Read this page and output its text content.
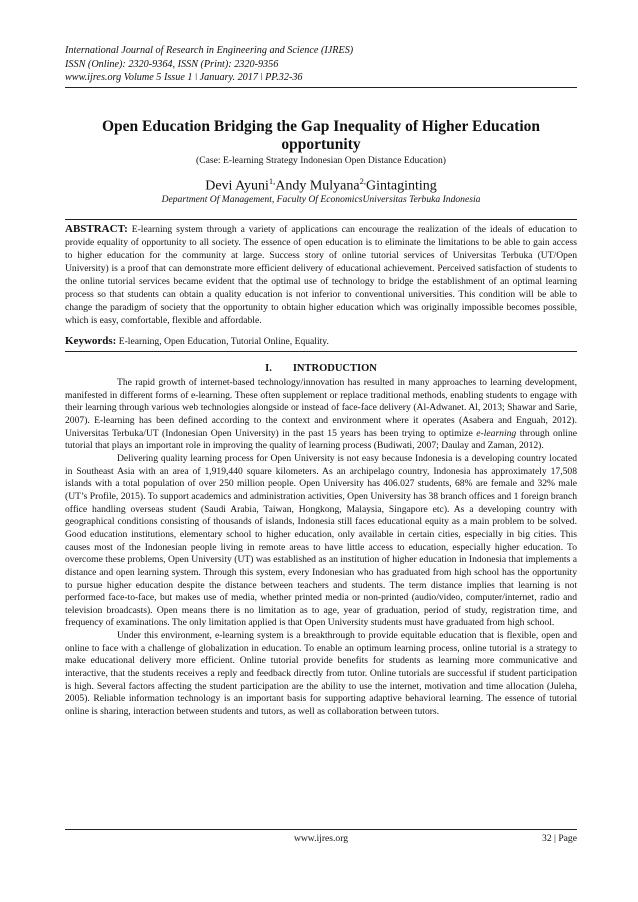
International Journal of Research in Engineering and Science (IJRES)
ISSN (Online): 2320-9364, ISSN (Print): 2320-9356
www.ijres.org Volume 5 Issue 1 ǀ January. 2017 ǀ PP.32-36
Open Education Bridging the Gap Inequality of Higher Education opportunity
(Case: E-learning Strategy Indonesian Open Distance Education)
Devi Ayuni$^{1,}$Andy Mulyana$^{2,}$Gintaginting
Department Of Management, Faculty Of EconomicsUniversitas Terbuka Indonesia
ABSTRACT: E-learning system through a variety of applications can encourage the realization of the ideals of education to provide equality of opportunity to all society. The essence of open education is to eliminate the limitations to be able to gain access to higher education for the community at large. Success story of online tutorial services of Universitas Terbuka (UT/Open University) is a proof that can demonstrate more efficient delivery of educational achievement. Perceived satisfaction of students to the online tutorial services became evident that the optimal use of technology to bridge the establishment of an optimal learning process so that students can obtain a quality education is not inferior to conventional universities. This condition will be able to change the paradigm of society that the opportunity to obtain higher education which was originally impossible becomes possible, which is easy, comfortable, flexible and affordable.
Keywords: E-learning, Open Education, Tutorial Online, Equality.
I.        INTRODUCTION

The rapid growth of internet-based technology/innovation has resulted in many approaches to learning development, manifested in different forms of e-learning. These often supplement or replace traditional methods, enabling students to engage with their learning through various web technologies alongside or instead of face-face delivery (Al-Adwanet. Al, 2013; Shawar and Sarie, 2007). E-learning has been defined according to the context and environment where it operates (Asabera and Enguah, 2012). Universitas Terbuka/UT (Indonesian Open University) in the past 15 years has been trying to optimize e-learning through online tutorial that plays an important role in improving the quality of learning process (Budiwati, 2007; Daulay and Zaman, 2012).

Delivering quality learning process for Open University is not easy because Indonesia is a developing country located in Southeast Asia with an area of 1,919,440 square kilometers. As an archipelago country, Indonesia has approximately 17,508 islands with a total population of over 250 million people. Open University has 406.027 students, 68% are female and 32% male (UT’s Profile, 2015). To support academics and administration activities, Open University has 38 branch offices and 1 foreign branch office handling overseas student (Saudi Arabia, Taiwan, Hongkong, Malaysia, Singapore etc). As a developing country with geographical conditions consisting of thousands of islands, Indonesia still faces educational equity as a main problem to be solved. Good education institutions, elementary school to higher education, only available in certain cities, especially in big cities. This causes most of the Indonesian people living in remote areas to have little access to education, especially higher education. To overcome these problems, Open University (UT) was established as an institution of higher education in Indonesia that implements a distance and open learning system. Through this system, every Indonesian who has graduated from high school has the opportunity to pursue higher education despite the distance between teachers and students. The term distance implies that learning is not performed face-to-face, but makes use of media, whether printed media or non-printed (audio/video, computer/internet, radio and television broadcasts). Open means there is no limitation as to age, year of graduation, period of study, registration time, and frequency of examinations. The only limitation applied is that Open University students must have graduated from high school.

Under this environment, e-learning system is a breakthrough to provide equitable education that is flexible, open and online to face with a challenge of globalization in education. To enable an optimum learning process, online tutorial is a strategy to make educational delivery more efficient. Online tutorial provide benefits for students as learning more communicative and interactive, that the students receives a reply and feedback directly from tutor. Online tutorials are successful if student participation is high. Several factors affecting the student participation are the ability to use the internet, motivation and time allocation (Juleha, 2005). Reliable information technology is an important basis for supporting adaptive behavioral learning. The essence of tutorial online is sharing, interaction between students and tutors, as well as collaboration between tutors.

www.ijres.org	32 | Page
